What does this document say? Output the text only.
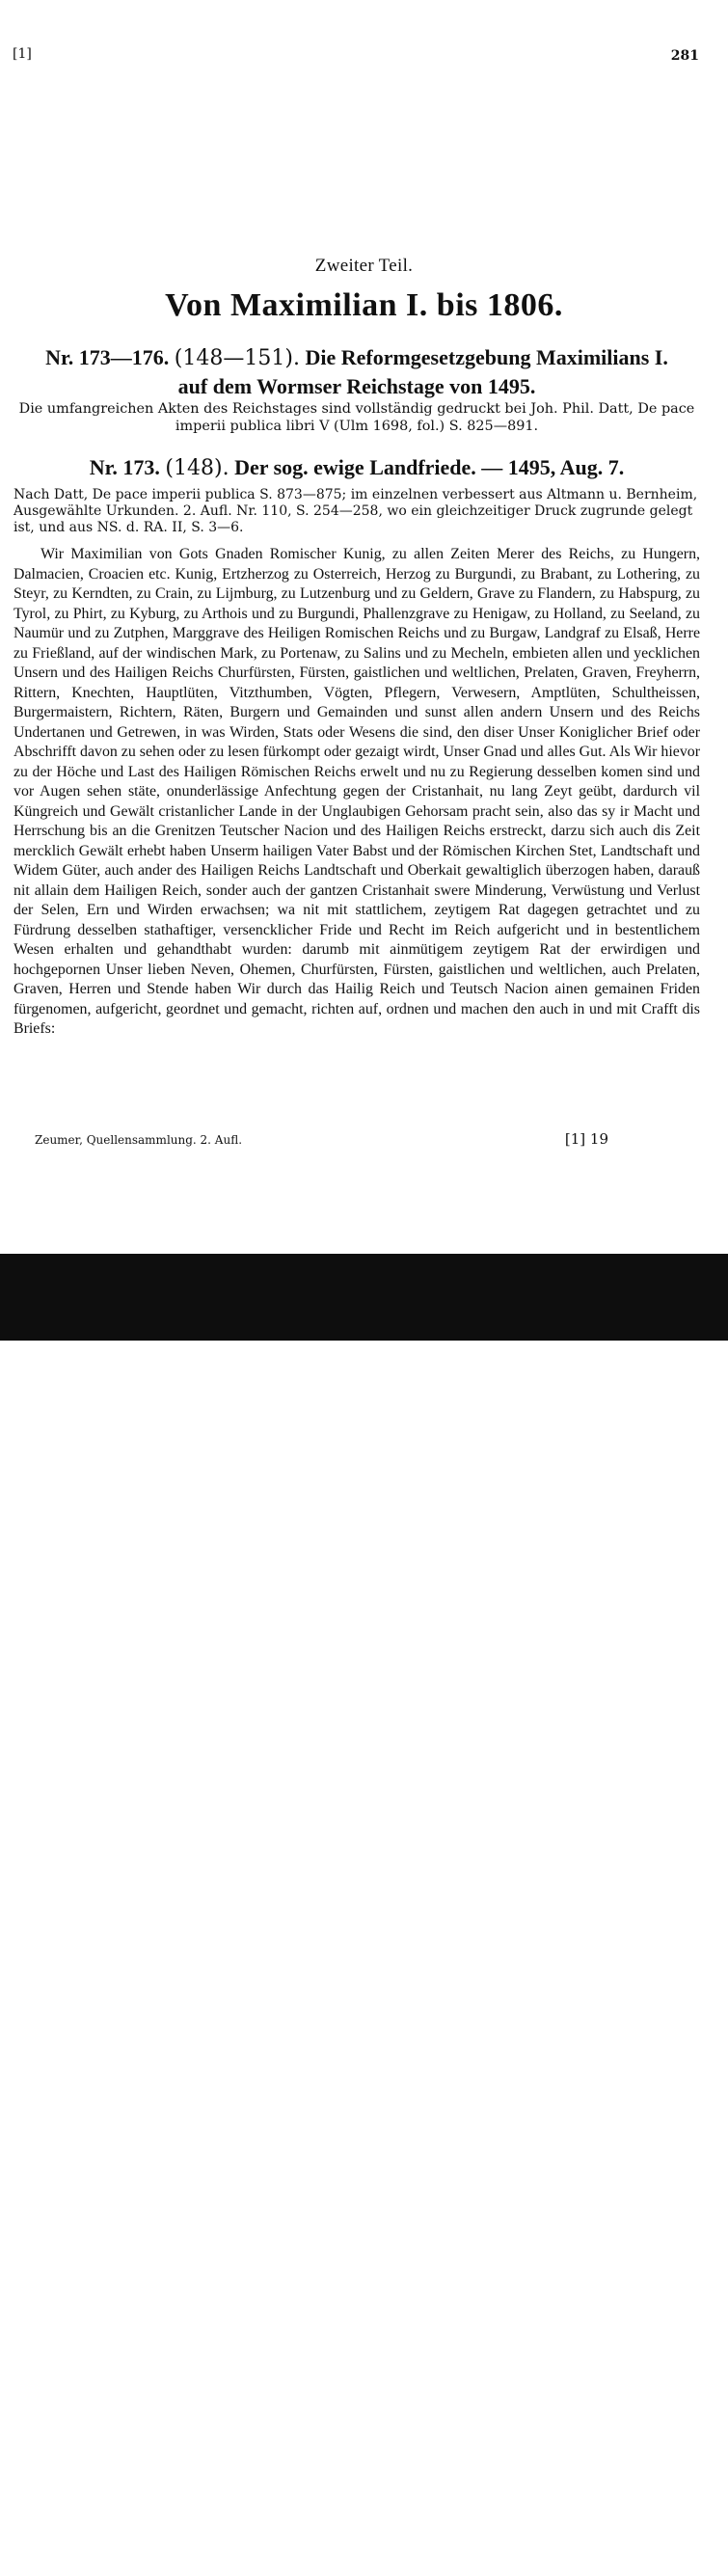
[1]	281
Zweiter Teil.
Von Maximilian I. bis 1806.
Nr. 173—176. (148—151). Die Reformgesetzgebung Maximilians I.
auf dem Wormser Reichstage von 1495.
Die umfangreichen Akten des Reichstages sind vollständig gedruckt bei Joh. Phil. Datt, De pace imperii publica libri V (Ulm 1698, fol.) S. 825—891.
Nr. 173. (148). Der sog. ewige Landfriede. — 1495, Aug. 7.
Nach Datt, De pace imperii publica S. 873—875; im einzelnen verbessert aus Altmann u. Bernheim, Ausgewählte Urkunden. 2. Aufl. Nr. 110, S. 254—258, wo ein gleichzeitiger Druck zugrunde gelegt ist, und aus NS. d. RA. II, S. 3—6.

Wir Maximilian von Gots Gnaden Romischer Kunig, zu allen Zeiten Merer des Reichs, zu Hungern, Dalmacien, Croacien etc. Kunig, Ertzherzog zu Osterreich, Herzog zu Burgundi, zu Brabant, zu Lothering, zu Steyr, zu Kerndten, zu Crain, zu Lijmburg, zu Lutzenburg und zu Geldern, Grave zu Flandern, zu Habspurg, zu Tyrol, zu Phirt, zu Kyburg, zu Arthois und zu Burgundi, Phallenzgrave zu Henigaw, zu Holland, zu Seeland, zu Naumür und zu Zutphen, Marggrave des Heiligen Romischen Reichs und zu Burgaw, Landgraf zu Elsaß, Herre zu Frießland, auf der windischen Mark, zu Portenaw, zu Salins und zu Mecheln, embieten allen und yecklichen Unsern und des Hailigen Reichs Churfürsten, Fürsten, gaistlichen und weltlichen, Prelaten, Graven, Freyherrn, Rittern, Knechten, Hauptlüten, Vitzthumben, Vögten, Pflegern, Verwesern, Amptlüten, Schultheissen, Burgermaistern, Richtern, Räten, Burgern und Gemainden und sunst allen andern Unsern und des Reichs Undertanen und Getrewen, in was Wirden, Stats oder Wesens die sind, den diser Unser Koniglicher Brief oder Abschrifft davon zu sehen oder zu lesen fürkompt oder gezaigt wirdt, Unser Gnad und alles Gut. Als Wir hievor zu der Höche und Last des Hailigen Römischen Reichs erwelt und nu zu Regierung desselben komen sind und vor Augen sehen stäte, onunderlässige Anfechtung gegen der Cristanhait, nu lang Zeyt geübt, dardurch vil Küngreich und Gewält cristanlicher Lande in der Unglaubigen Gehorsam pracht sein, also das sy ir Macht und Herrschung bis an die Grenitzen Teutscher Nacion und des Hailigen Reichs erstreckt, darzu sich auch dis Zeit mercklich Gewält erhebt haben Unserm hailigen Vater Babst und der Römischen Kirchen Stet, Landtschaft und Widem Güter, auch ander des Hailigen Reichs Landtschaft und Oberkait gewaltiglich überzogen haben, darauß nit allain dem Hailigen Reich, sonder auch der gantzen Cristanhait swere Minderung, Verwüstung und Verlust der Selen, Ern und Wirden erwachsen; wa nit mit stattlichem, zeytigem Rat dagegen getrachtet und zu Fürdrung desselben stathaftiger, versencklicher Fride und Recht im Reich aufgericht und in bestentlichem Wesen erhalten und gehandthabt wurden: darumb mit ainmütigem zeytigem Rat der erwirdigen und hochgepornen Unser lieben Neven, Ohemen, Churfürsten, Fürsten, gaistlichen und weltlichen, auch Prelaten, Graven, Herren und Stende haben Wir durch das Hailig Reich und Teutsch Nacion ainen gemainen Friden fürgenomen, aufgericht, geordnet und gemacht, richten auf, ordnen und machen den auch in und mit Crafft dis Briefs:

Zeumer, Quellensammlung. 2. Aufl.	[1] 19
alamy	W83GTC
www.alamy.com
